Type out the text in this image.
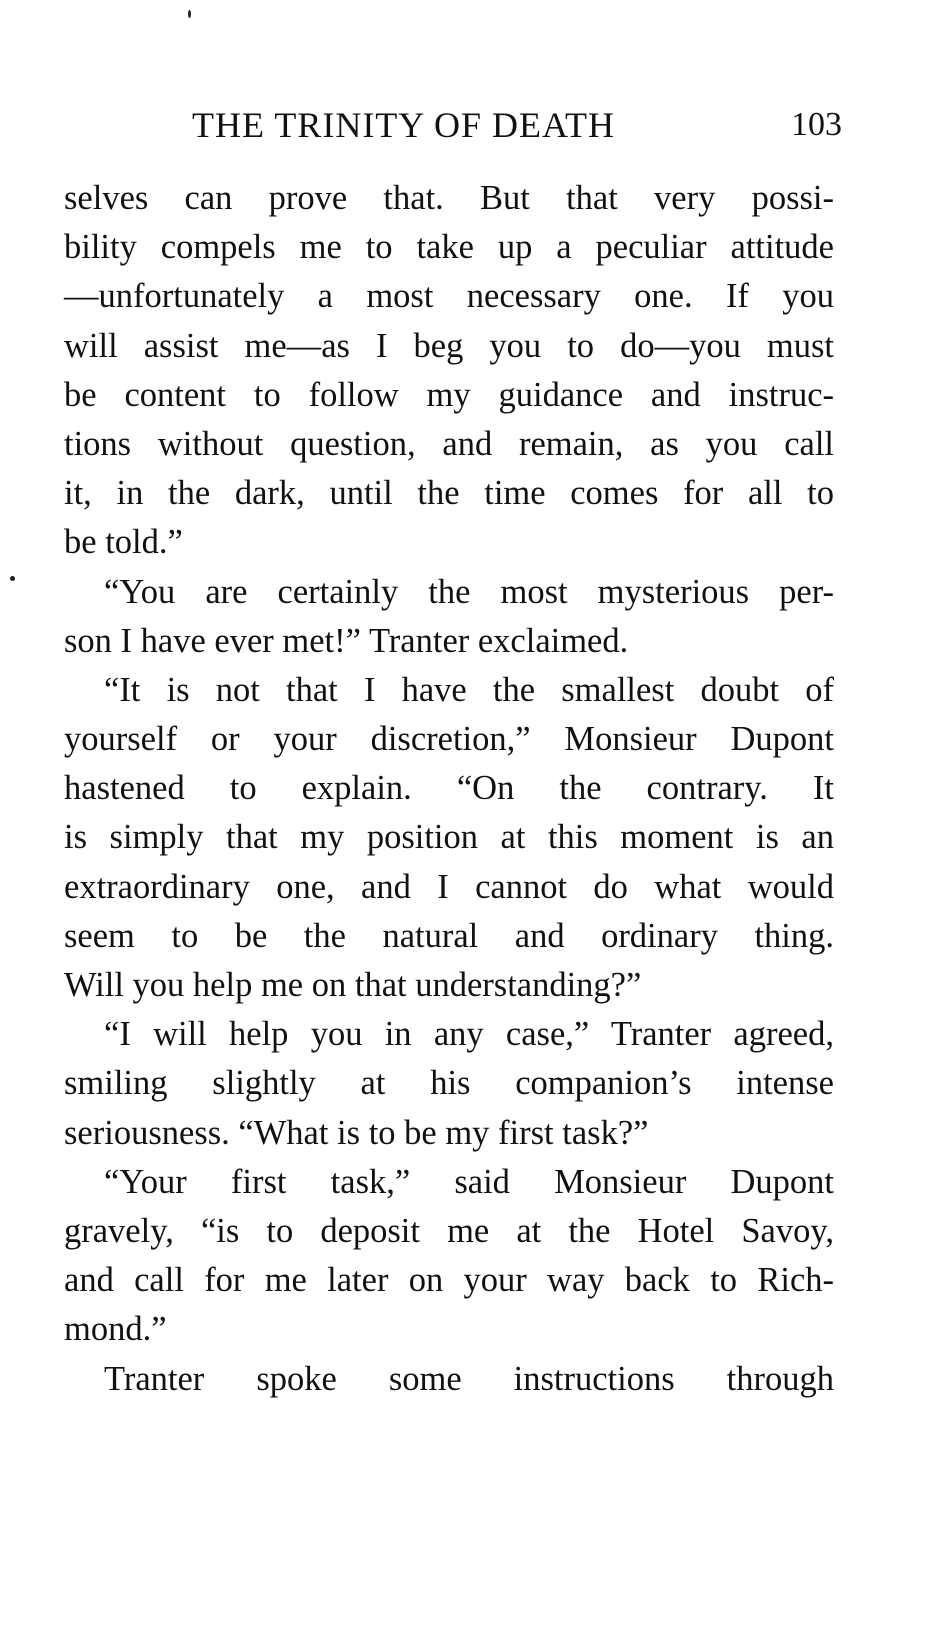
THE TRINITY OF DEATH	103
selves can prove that. But that very possi-
bility compels me to take up a peculiar attitude
—unfortunately a most necessary one. If you
will assist me—as I beg you to do—you must
be content to follow my guidance and instruc-
tions without question, and remain, as you call
it, in the dark, until the time comes for all to
be told.”
“You are certainly the most mysterious per-
son I have ever met!” Tranter exclaimed.
“It is not that I have the smallest doubt of
yourself or your discretion,” Monsieur Dupont
hastened to explain. “On the contrary. It
is simply that my position at this moment is an
extraordinary one, and I cannot do what would
seem to be the natural and ordinary thing.
Will you help me on that understanding?”
“I will help you in any case,” Tranter agreed,
smiling slightly at his companion’s intense
seriousness. “What is to be my first task?”
“Your first task,” said Monsieur Dupont
gravely, “is to deposit me at the Hotel Savoy,
and call for me later on your way back to Rich-
mond.”
Tranter spoke some instructions through
